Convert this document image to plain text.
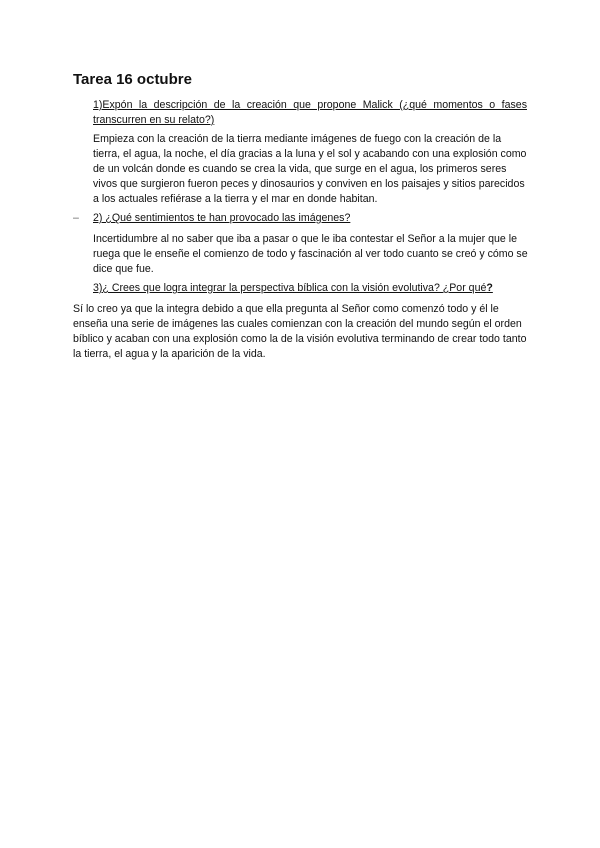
Tarea 16 octubre

1)Expón la descripción de la creación que propone Malick (¿qué momentos o fases transcurren en su relato?)

Empieza con la creación de la tierra mediante imágenes de fuego con la creación de la tierra, el agua, la noche, el día gracias a la luna y el sol y acabando con una explosión como de un volcán donde es cuando se crea la vida, que surge en el agua, los primeros seres vivos que surgieron fueron peces y dinosaurios y conviven en los paisajes y sitios parecidos a los actuales refiérase a la tierra y el mar en donde habitan.

– 2) ¿Qué sentimientos te han provocado las imágenes?

Incertidumbre al no saber que iba a pasar o que le iba contestar el Señor a la mujer que le ruega que le enseñe el comienzo de todo y fascinación al ver todo cuanto se creó y cómo se dice que fue.

3)¿ Crees que logra integrar la perspectiva bíblica con la visión evolutiva? ¿Por qué?

Sí lo creo ya que la integra debido a que ella pregunta al Señor como comenzó todo y él le enseña una serie de imágenes las cuales comienzan con la creación del mundo según el orden bíblico y acaban con una explosión como la de la visión evolutiva terminando de crear todo tanto la tierra, el agua y la aparición de la vida.
